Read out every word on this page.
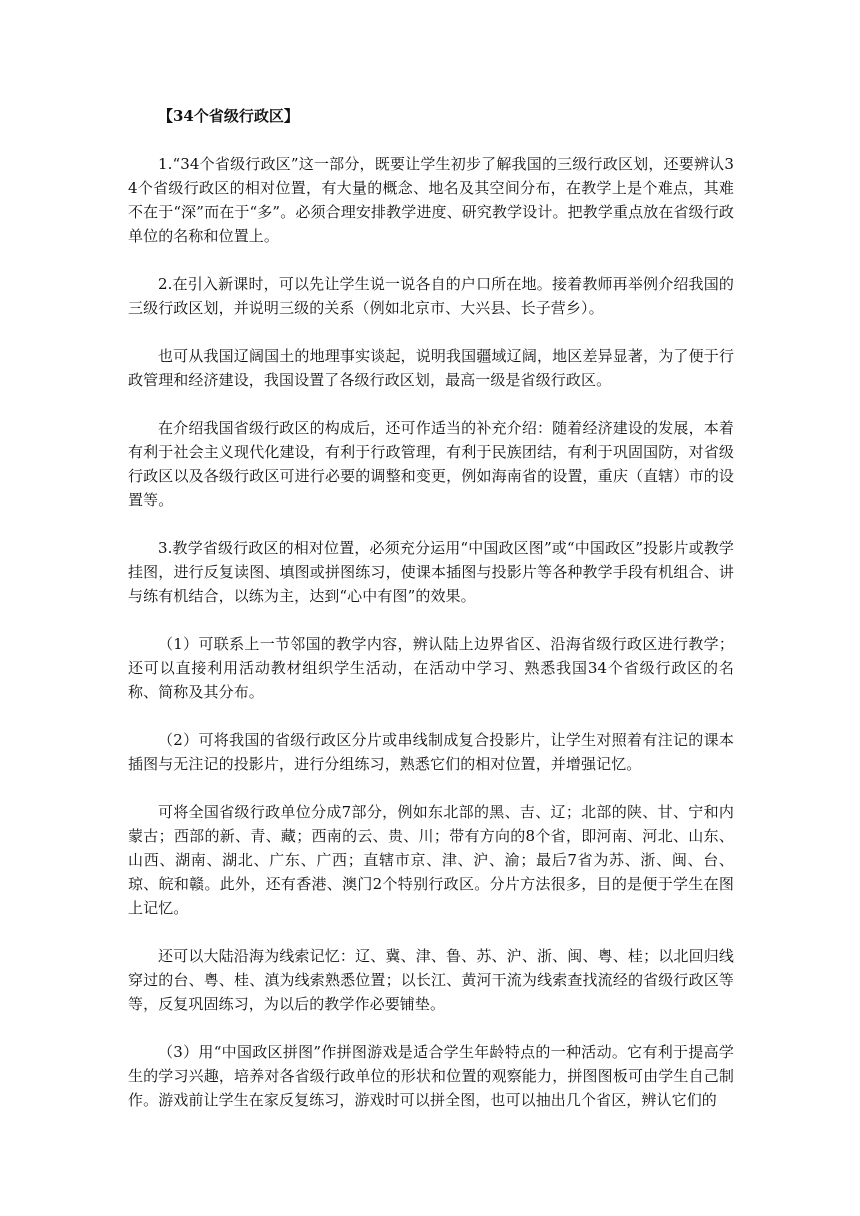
【34个省级行政区】

1.“34个省级行政区”这一部分，既要让学生初步了解我国的三级行政区划，还要辨认34个省级行政区的相对位置，有大量的概念、地名及其空间分布，在教学上是个难点，其难不在于“深”而在于“多”。必须合理安排教学进度、研究教学设计。把教学重点放在省级行政单位的名称和位置上。

2.在引入新课时，可以先让学生说一说各自的户口所在地。接着教师再举例介绍我国的三级行政区划，并说明三级的关系（例如北京市、大兴县、长子营乡）。

也可从我国辽阔国土的地理事实谈起，说明我国疆域辽阔，地区差异显著，为了便于行政管理和经济建设，我国设置了各级行政区划，最高一级是省级行政区。

在介绍我国省级行政区的构成后，还可作适当的补充介绍：随着经济建设的发展，本着有利于社会主义现代化建设，有利于行政管理，有利于民族团结，有利于巩固国防，对省级行政区以及各级行政区可进行必要的调整和变更，例如海南省的设置，重庆（直辖）市的设置等。

3.教学省级行政区的相对位置，必须充分运用“中国政区图”或“中国政区”投影片或教学挂图，进行反复读图、填图或拼图练习，使课本插图与投影片等各种教学手段有机组合、讲与练有机结合，以练为主，达到“心中有图”的效果。

（1）可联系上一节邻国的教学内容，辨认陆上边界省区、沿海省级行政区进行教学；还可以直接利用活动教材组织学生活动，在活动中学习、熟悉我国34个省级行政区的名称、简称及其分布。

（2）可将我国的省级行政区分片或串线制成复合投影片，让学生对照着有注记的课本插图与无注记的投影片，进行分组练习，熟悉它们的相对位置，并增强记忆。

可将全国省级行政单位分成7部分，例如东北部的黑、吉、辽；北部的陕、甘、宁和内蒙古；西部的新、青、藏；西南的云、贵、川；带有方向的8个省，即河南、河北、山东、山西、湖南、湖北、广东、广西；直辖市京、津、沪、渝；最后7省为苏、浙、闽、台、琼、皖和赣。此外，还有香港、澳门2个特别行政区。分片方法很多，目的是便于学生在图上记忆。

还可以大陆沿海为线索记忆：辽、冀、津、鲁、苏、沪、浙、闽、粤、桂；以北回归线穿过的台、粤、桂、滇为线索熟悉位置；以长江、黄河干流为线索查找流经的省级行政区等等，反复巩固练习，为以后的教学作必要铺垫。

（3）用“中国政区拼图”作拼图游戏是适合学生年龄特点的一种活动。它有利于提高学生的学习兴趣，培养对各省级行政单位的形状和位置的观察能力，拼图图板可由学生自己制作。游戏前让学生在家反复练习，游戏时可以拼全图，也可以抽出几个省区，辨认它们的
